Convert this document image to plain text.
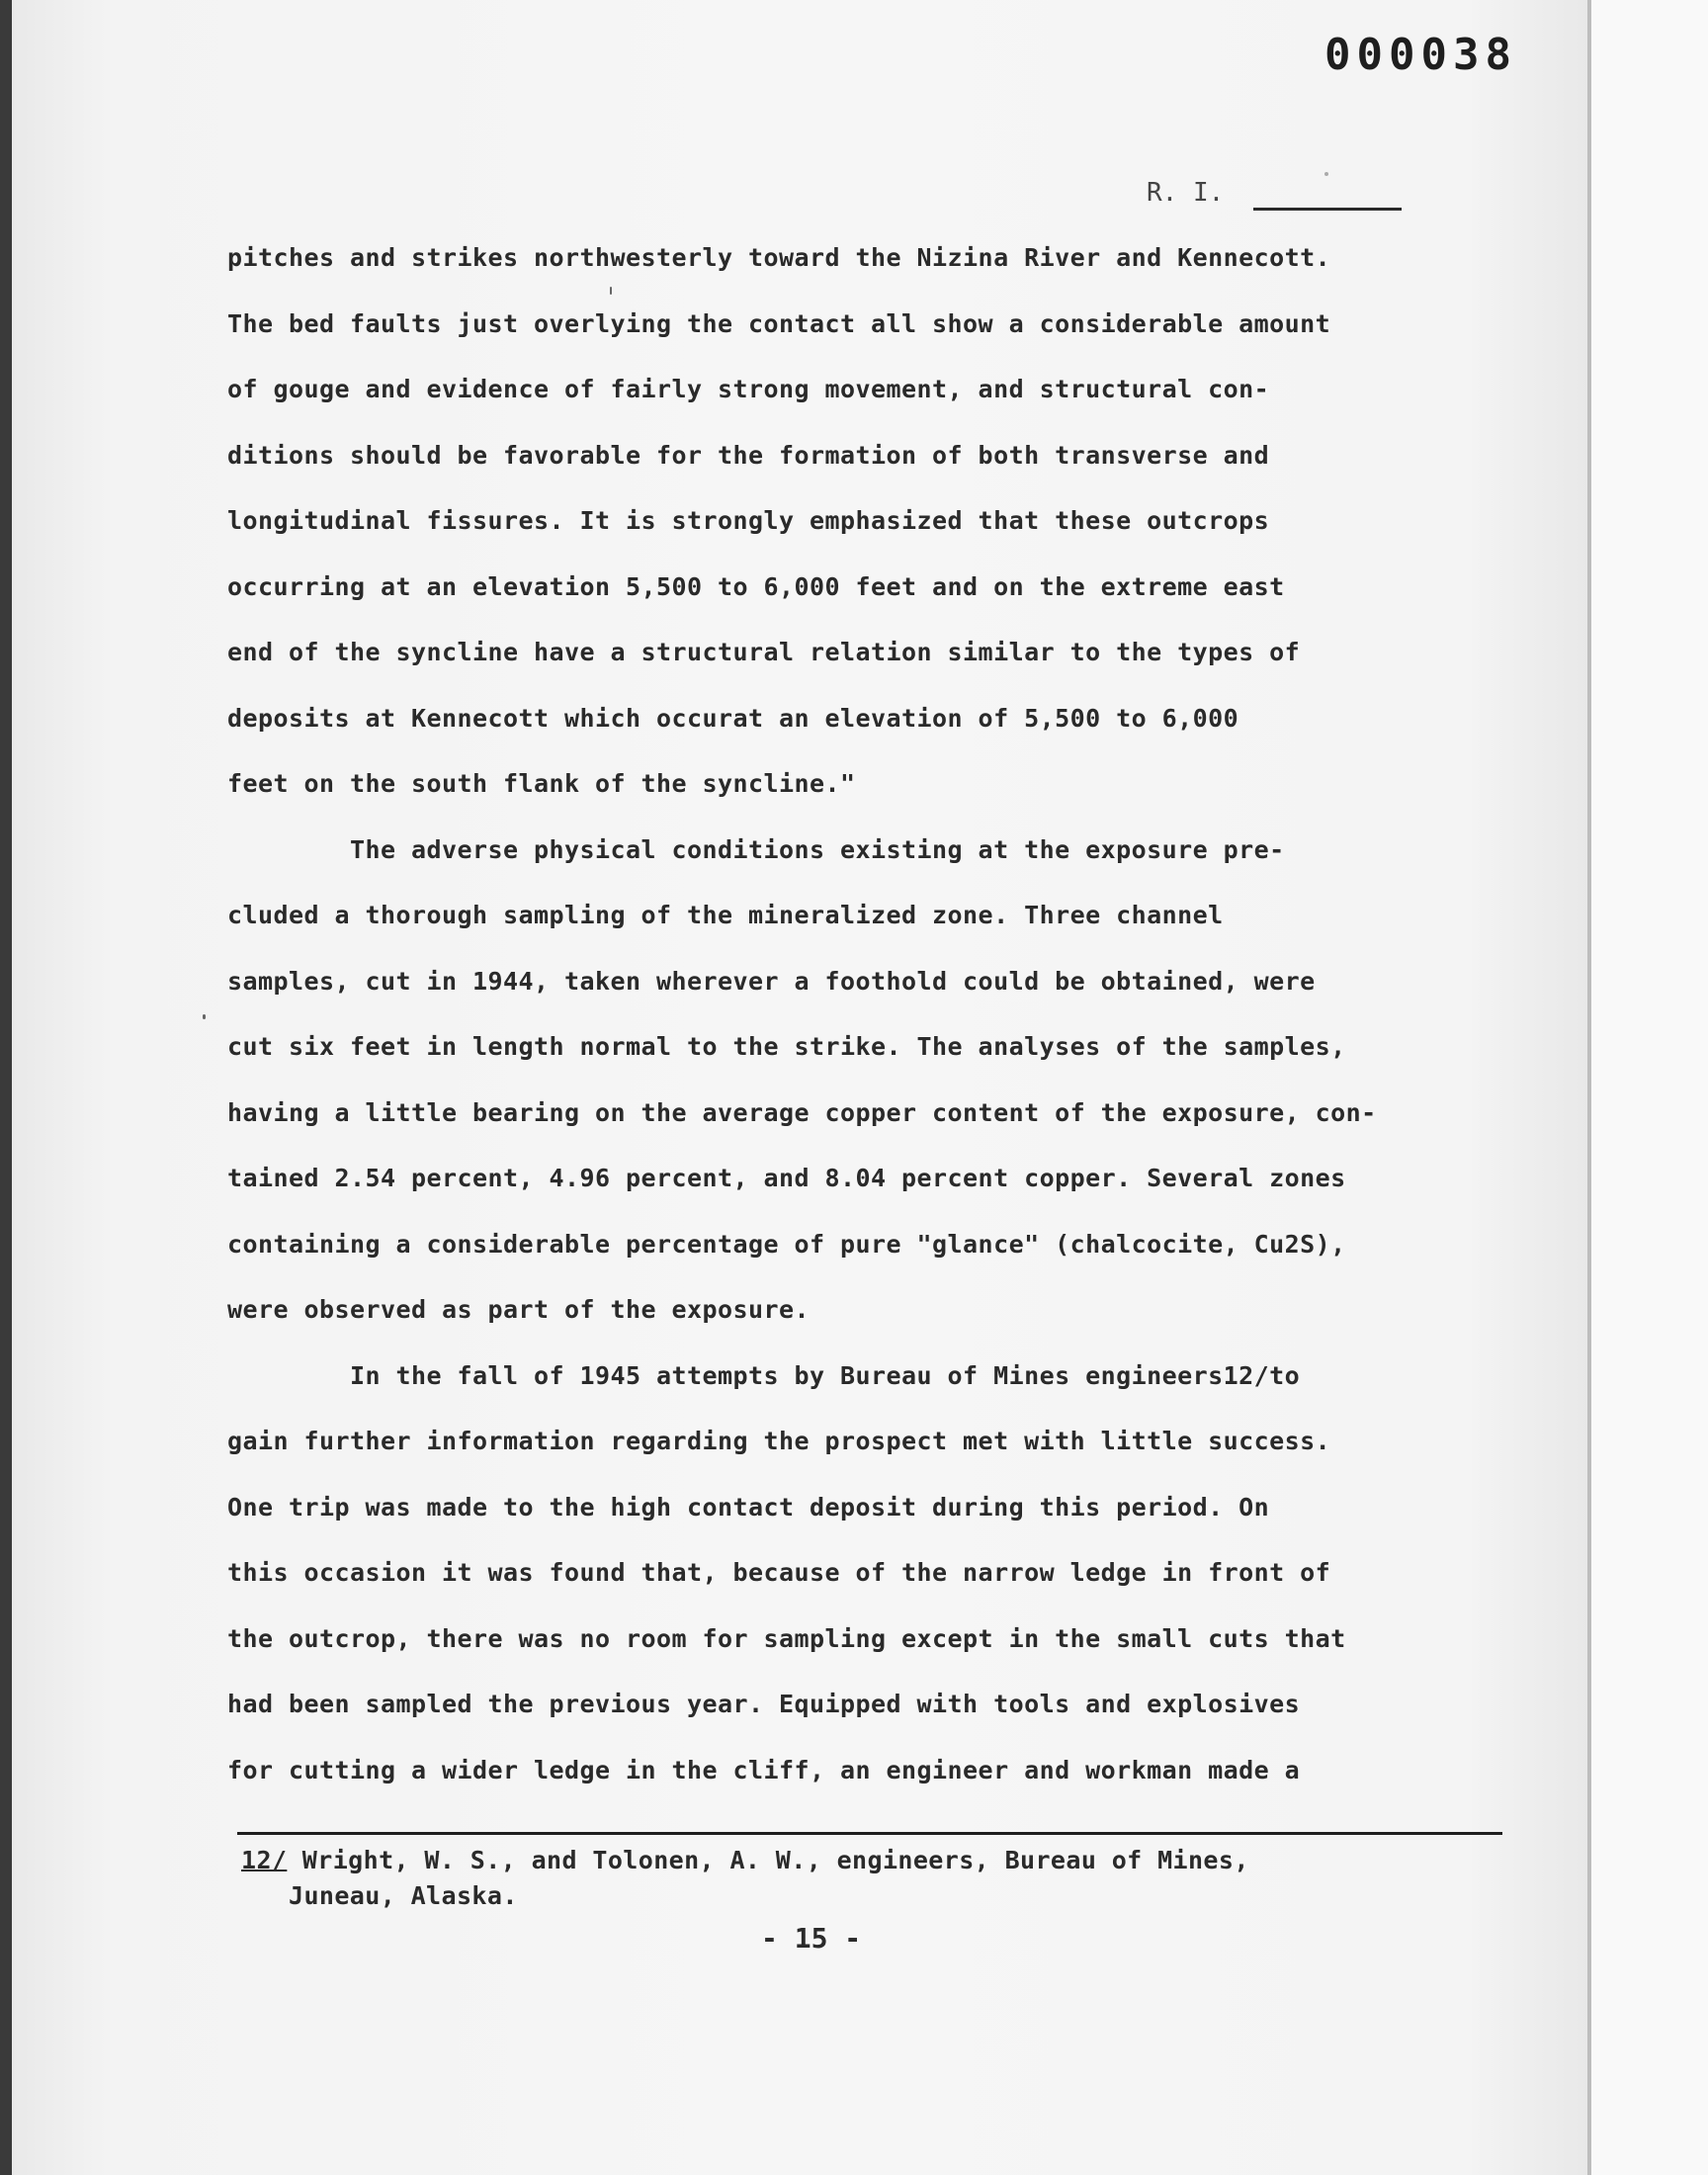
000038
R. I.
pitches and strikes northwesterly toward the Nizina River and Kennecott.
The bed faults just overlying the contact all show a considerable amount
of gouge and evidence of fairly strong movement, and structural con-
ditions should be favorable for the formation of both transverse and
longitudinal fissures. It is strongly emphasized that these outcrops
occurring at an elevation 5,500 to 6,000 feet and on the extreme east
end of the syncline have a structural relation similar to the types of
deposits at Kennecott which occurat an elevation of 5,500 to 6,000
feet on the south flank of the syncline."
The adverse physical conditions existing at the exposure pre-
cluded a thorough sampling of the mineralized zone. Three channel
samples, cut in 1944, taken wherever a foothold could be obtained, were
cut six feet in length normal to the strike. The analyses of the samples,
having a little bearing on the average copper content of the exposure, con-
tained 2.54 percent, 4.96 percent, and 8.04 percent copper. Several zones
containing a considerable percentage of pure "glance" (chalcocite, Cu2S),
were observed as part of the exposure.
In the fall of 1945 attempts by Bureau of Mines engineers12/to
gain further information regarding the prospect met with little success.
One trip was made to the high contact deposit during this period. On
this occasion it was found that, because of the narrow ledge in front of
the outcrop, there was no room for sampling except in the small cuts that
had been sampled the previous year. Equipped with tools and explosives
for cutting a wider ledge in the cliff, an engineer and workman made a
12/ Wright, W. S., and Tolonen, A. W., engineers, Bureau of Mines,
Juneau, Alaska.
- 15 -
